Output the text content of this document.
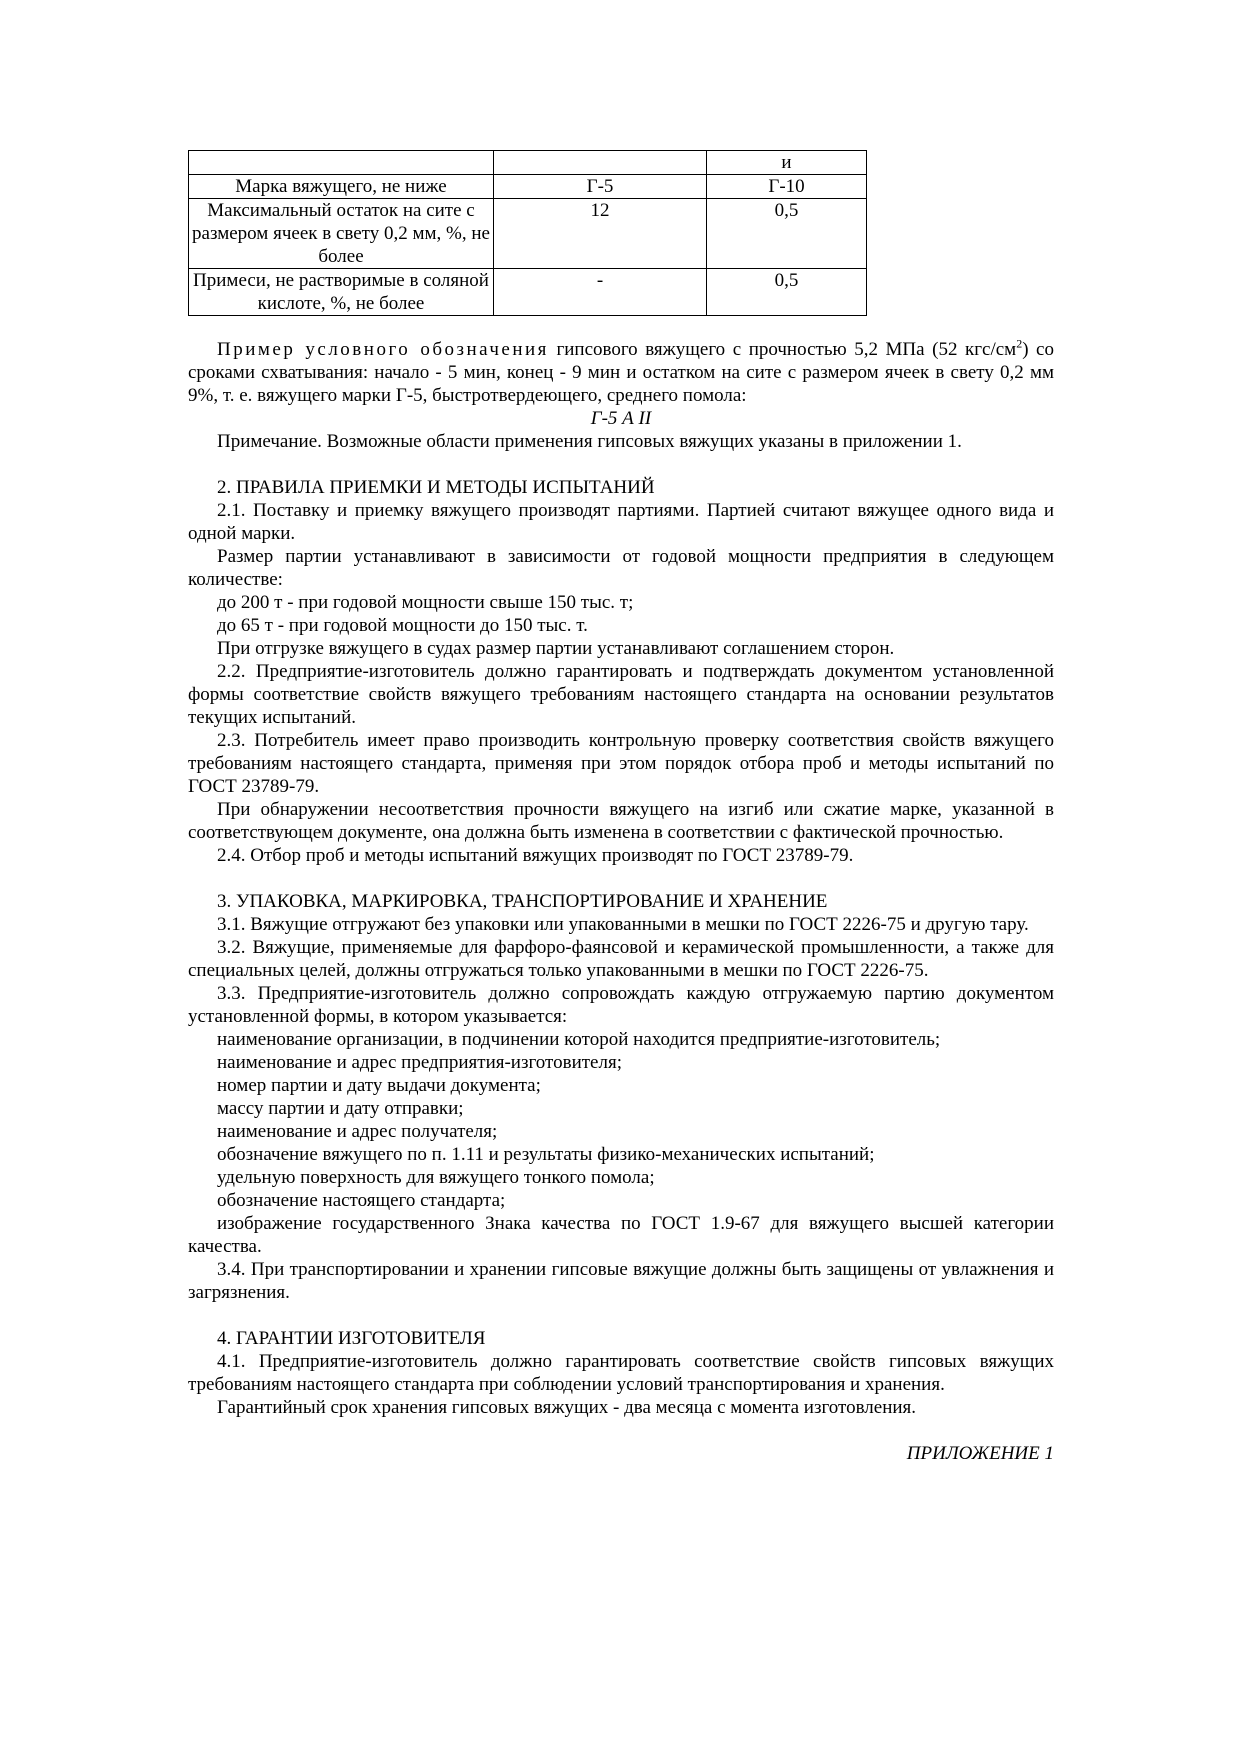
		и
Марка вяжущего, не ниже	Г-5	Г-10
Максимальный остаток на сите с размером ячеек в свету 0,2 мм, %, не более	12	0,5
Примеси, не растворимые в соляной кислоте, %, не более	-	0,5

Пример условного обозначения гипсового вяжущего с прочностью 5,2 МПа (52 кгс/$см^2$) со сроками схватывания: начало - 5 мин, конец - 9 мин и остатком на сите с размером ячеек в свету 0,2 мм 9%, т. е. вяжущего марки Г-5, быстротвердеющего, среднего помола:

Г-5 А II

Примечание. Возможные области применения гипсовых вяжущих указаны в приложении 1.

2. ПРАВИЛА ПРИЕМКИ И МЕТОДЫ ИСПЫТАНИЙ

2.1. Поставку и приемку вяжущего производят партиями. Партией считают вяжущее одного вида и одной марки.

Размер партии устанавливают в зависимости от годовой мощности предприятия в следующем количестве:

до 200 т - при годовой мощности свыше 150 тыс. т;

до 65 т - при годовой мощности до 150 тыс. т.

При отгрузке вяжущего в судах размер партии устанавливают соглашением сторон.

2.2. Предприятие-изготовитель должно гарантировать и подтверждать документом установленной формы соответствие свойств вяжущего требованиям настоящего стандарта на основании результатов текущих испытаний.

2.3. Потребитель имеет право производить контрольную проверку соответствия свойств вяжущего требованиям настоящего стандарта, применяя при этом порядок отбора проб и методы испытаний по ГОСТ 23789-79.

При обнаружении несоответствия прочности вяжущего на изгиб или сжатие марке, указанной в соответствующем документе, она должна быть изменена в соответствии с фактической прочностью.

2.4. Отбор проб и методы испытаний вяжущих производят по ГОСТ 23789-79.

3. УПАКОВКА, МАРКИРОВКА, ТРАНСПОРТИРОВАНИЕ И ХРАНЕНИЕ

3.1. Вяжущие отгружают без упаковки или упакованными в мешки по ГОСТ 2226-75 и другую тару.

3.2. Вяжущие, применяемые для фарфоро-фаянсовой и керамической промышленности, а также для специальных целей, должны отгружаться только упакованными в мешки по ГОСТ 2226-75.

3.3. Предприятие-изготовитель должно сопровождать каждую отгружаемую партию документом установленной формы, в котором указывается:

наименование организации, в подчинении которой находится предприятие-изготовитель;

наименование и адрес предприятия-изготовителя;

номер партии и дату выдачи документа;

массу партии и дату отправки;

наименование и адрес получателя;

обозначение вяжущего по п. 1.11 и результаты физико-механических испытаний;

удельную поверхность для вяжущего тонкого помола;

обозначение настоящего стандарта;

изображение государственного Знака качества по ГОСТ 1.9-67 для вяжущего высшей категории качества.

3.4. При транспортировании и хранении гипсовые вяжущие должны быть защищены от увлажнения и загрязнения.

4. ГАРАНТИИ ИЗГОТОВИТЕЛЯ

4.1. Предприятие-изготовитель должно гарантировать соответствие свойств гипсовых вяжущих требованиям настоящего стандарта при соблюдении условий транспортирования и хранения.

Гарантийный срок хранения гипсовых вяжущих - два месяца с момента изготовления.

ПРИЛОЖЕНИЕ 1
